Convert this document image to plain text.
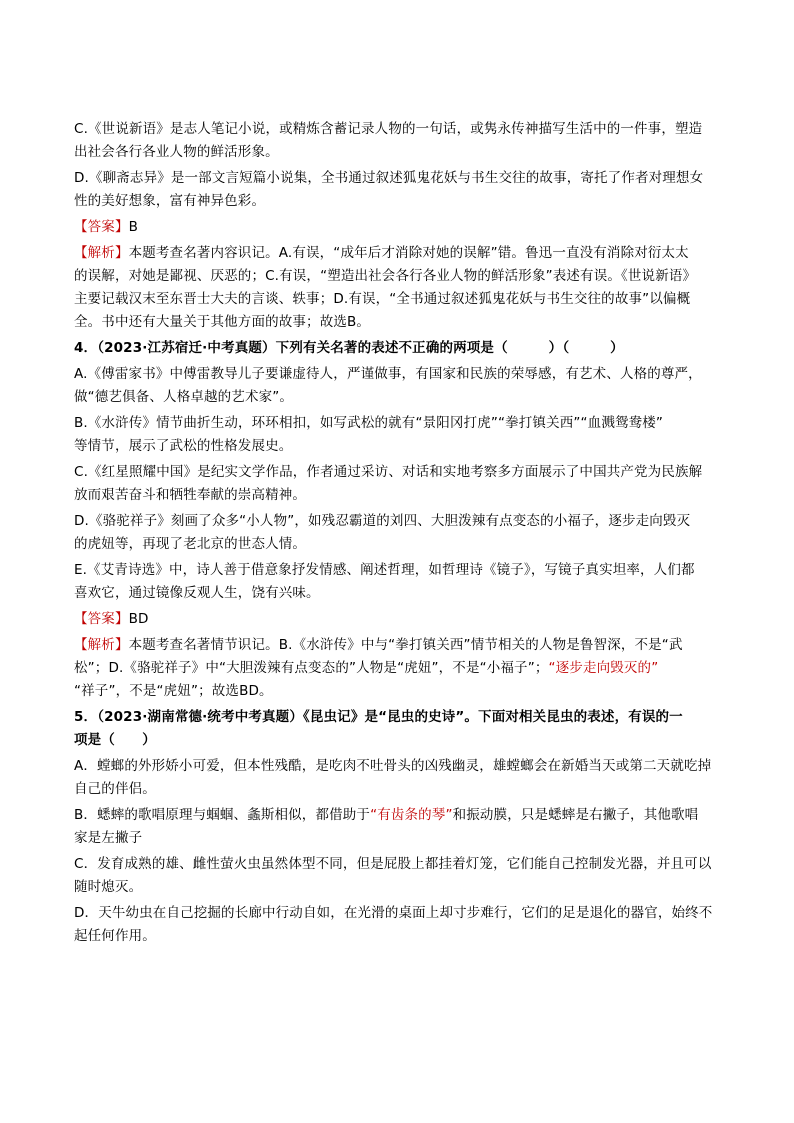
C.《世说新语》是志人笔记小说，或精炼含蓄记录人物的一句话，或隽永传神描写生活中的一件事，塑造
出社会各行各业人物的鲜活形象。
D.《聊斋志异》是一部文言短篇小说集，全书通过叙述狐鬼花妖与书生交往的故事，寄托了作者对理想女
性的美好想象，富有神异色彩。
【答案】B
【解析】本题考查名著内容识记。A.有误，“成年后才消除对她的误解”错。鲁迅一直没有消除对衍太太
的误解，对她是鄙视、厌恶的；C.有误，“塑造出社会各行各业人物的鲜活形象”表述有误。《世说新语》
主要记载汉末至东晋士大夫的言谈、轶事；D.有误，“全书通过叙述狐鬼花妖与书生交往的故事”以偏概
全。书中还有大量关于其他方面的故事；故选B。
4．（2023·江苏宿迁·中考真题）下列有关名著的表述不正确的两项是（　　　）（　　　）
A.《傅雷家书》中傅雷教导儿子要谦虚待人，严谨做事，有国家和民族的荣辱感，有艺术、人格的尊严，
做“德艺俱备、人格卓越的艺术家”。
B.《水浒传》情节曲折生动，环环相扣，如写武松的就有“景阳冈打虎”“拳打镇关西”“血溅鸳鸯楼”
等情节，展示了武松的性格发展史。
C.《红星照耀中国》是纪实文学作品，作者通过采访、对话和实地考察多方面展示了中国共产党为民族解
放而艰苦奋斗和牺牲奉献的崇高精神。
D.《骆驼祥子》刻画了众多“小人物”，如残忍霸道的刘四、大胆泼辣有点变态的小福子，逐步走向毁灭
的虎妞等，再现了老北京的世态人情。
E.《艾青诗选》中，诗人善于借意象抒发情感、阐述哲理，如哲理诗《镜子》，写镜子真实坦率，人们都
喜欢它，通过镜像反观人生，饶有兴味。
【答案】BD
【解析】本题考查名著情节识记。B.《水浒传》中与“拳打镇关西”情节相关的人物是鲁智深，不是“武
松”；D.《骆驼祥子》中“大胆泼辣有点变态的”人物是“虎妞”，不是“小福子”；“逐步走向毁灭的”
“祥子”，不是“虎妞”；故选BD。
5．（2023·湖南常德·统考中考真题）《昆虫记》是“昆虫的史诗”。下面对相关昆虫的表述，有误的一
项是（　　）
A．螳螂的外形娇小可爱，但本性残酷，是吃肉不吐骨头的凶残幽灵，雄螳螂会在新婚当天或第二天就吃掉
自己的伴侣。
B．蟋蟀的歌唱原理与蝈蝈、螽斯相似，都借助于“有齿条的琴”和振动膜，只是蟋蟀是右撇子，其他歌唱
家是左撇子
C．发育成熟的雄、雌性萤火虫虽然体型不同，但是屁股上都挂着灯笼，它们能自己控制发光器，并且可以
随时熄灭。
D．天牛幼虫在自己挖掘的长廊中行动自如，在光滑的桌面上却寸步难行，它们的足是退化的器官，始终不
起任何作用。
